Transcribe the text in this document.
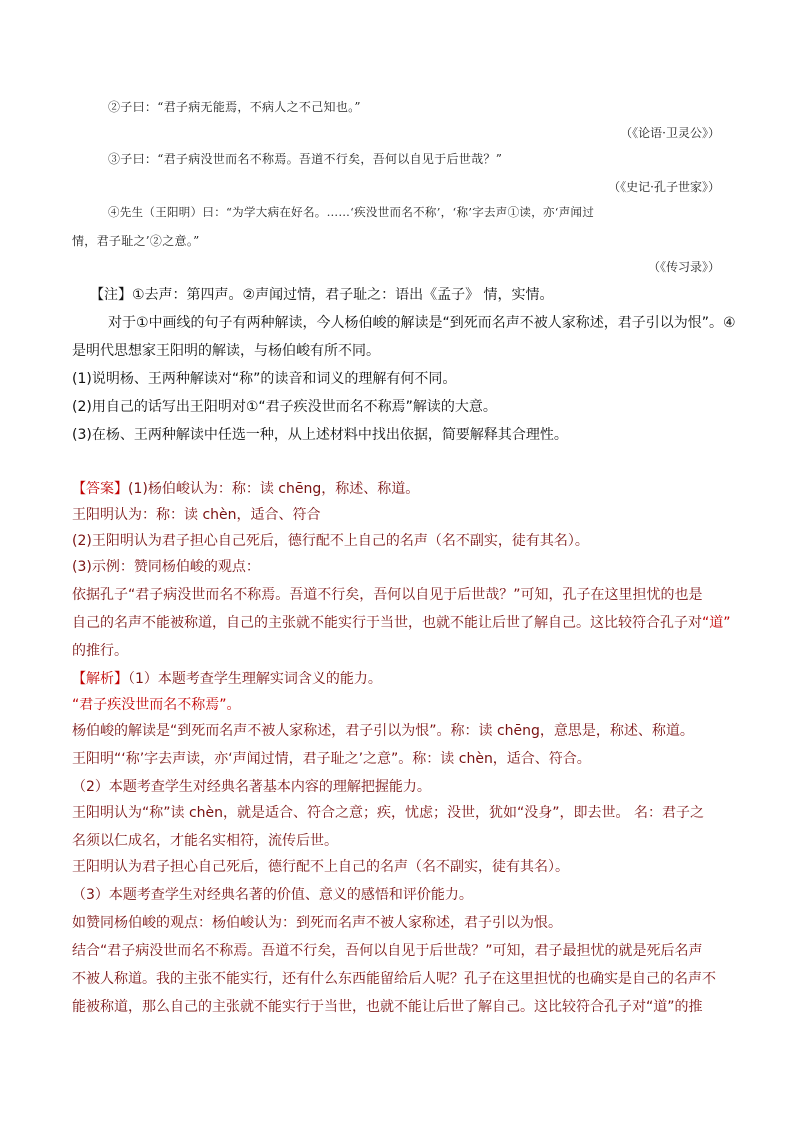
②子曰：“君子病无能焉，不病人之不己知也。”
（《论语·卫灵公》）
③子曰：“君子病没世而名不称焉。吾道不行矣，吾何以自见于后世哉？”
（《史记·孔子世家》）
④先生（王阳明）曰：“为学大病在好名。……‘疾没世而名不称’，‘称’字去声①读，亦‘声闻过
情，君子耻之’②之意。”
（《传习录》）
【注】①去声：第四声。②声闻过情，君子耻之：语出《孟子》 情，实情。
对于①中画线的句子有两种解读，今人杨伯峻的解读是“到死而名声不被人家称述，君子引以为恨”。④
是明代思想家王阳明的解读，与杨伯峻有所不同。
(1)说明杨、王两种解读对“称”的读音和词义的理解有何不同。
(2)用自己的话写出王阳明对①“君子疾没世而名不称焉”解读的大意。
(3)在杨、王两种解读中任选一种，从上述材料中找出依据，简要解释其合理性。
【答案】(1)杨伯峻认为：称：读 chēng，称述、称道。
王阳明认为：称：读 chèn，适合、符合
(2)王阳明认为君子担心自己死后，德行配不上自己的名声（名不副实，徒有其名）。
(3)示例：赞同杨伯峻的观点：
依据孔子“君子病没世而名不称焉。吾道不行矣，吾何以自见于后世哉？”可知，孔子在这里担忧的也是
自己的名声不能被称道，自己的主张就不能实行于当世，也就不能让后世了解自己。这比较符合孔子对“道”
的推行。
【解析】（1）本题考查学生理解实词含义的能力。
“君子疾没世而名不称焉”。
杨伯峻的解读是“到死而名声不被人家称述，君子引以为恨”。称：读 chēng，意思是，称述、称道。
王阳明“‘称’字去声读，亦‘声闻过情，君子耻之’之意”。称：读 chèn，适合、符合。
（2）本题考查学生对经典名著基本内容的理解把握能力。
王阳明认为“称”读 chèn，就是适合、符合之意；疾，忧虑；没世，犹如“没身”，即去世。 名：君子之
名须以仁成名，才能名实相符，流传后世。
王阳明认为君子担心自己死后，德行配不上自己的名声（名不副实，徒有其名）。
（3）本题考查学生对经典名著的价值、意义的感悟和评价能力。
如赞同杨伯峻的观点：杨伯峻认为：到死而名声不被人家称述，君子引以为恨。
结合“君子病没世而名不称焉。吾道不行矣，吾何以自见于后世哉？”可知，君子最担忧的就是死后名声
不被人称道。我的主张不能实行，还有什么东西能留给后人呢？孔子在这里担忧的也确实是自己的名声不
能被称道，那么自己的主张就不能实行于当世，也就不能让后世了解自己。这比较符合孔子对“道”的推
